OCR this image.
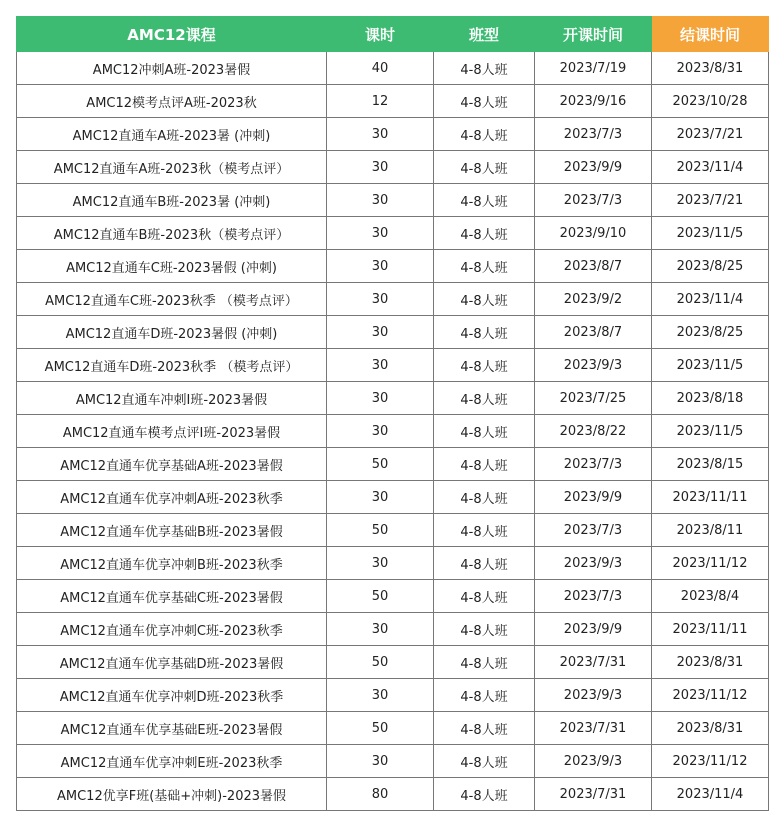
AMC12课程	课时	班型	开课时间	结课时间
AMC12冲刺A班-2023暑假	40	4-8人班	2023/7/19	2023/8/31
AMC12模考点评A班-2023秋	12	4-8人班	2023/9/16	2023/10/28
AMC12直通车A班-2023暑 (冲刺)	30	4-8人班	2023/7/3	2023/7/21
AMC12直通车A班-2023秋（模考点评）	30	4-8人班	2023/9/9	2023/11/4
AMC12直通车B班-2023暑 (冲刺)	30	4-8人班	2023/7/3	2023/7/21
AMC12直通车B班-2023秋（模考点评）	30	4-8人班	2023/9/10	2023/11/5
AMC12直通车C班-2023暑假 (冲刺)	30	4-8人班	2023/8/7	2023/8/25
AMC12直通车C班-2023秋季 （模考点评）	30	4-8人班	2023/9/2	2023/11/4
AMC12直通车D班-2023暑假 (冲刺)	30	4-8人班	2023/8/7	2023/8/25
AMC12直通车D班-2023秋季 （模考点评）	30	4-8人班	2023/9/3	2023/11/5
AMC12直通车冲刺I班-2023暑假	30	4-8人班	2023/7/25	2023/8/18
AMC12直通车模考点评I班-2023暑假	30	4-8人班	2023/8/22	2023/11/5
AMC12直通车优享基础A班-2023暑假	50	4-8人班	2023/7/3	2023/8/15
AMC12直通车优享冲刺A班-2023秋季	30	4-8人班	2023/9/9	2023/11/11
AMC12直通车优享基础B班-2023暑假	50	4-8人班	2023/7/3	2023/8/11
AMC12直通车优享冲刺B班-2023秋季	30	4-8人班	2023/9/3	2023/11/12
AMC12直通车优享基础C班-2023暑假	50	4-8人班	2023/7/3	2023/8/4
AMC12直通车优享冲刺C班-2023秋季	30	4-8人班	2023/9/9	2023/11/11
AMC12直通车优享基础D班-2023暑假	50	4-8人班	2023/7/31	2023/8/31
AMC12直通车优享冲刺D班-2023秋季	30	4-8人班	2023/9/3	2023/11/12
AMC12直通车优享基础E班-2023暑假	50	4-8人班	2023/7/31	2023/8/31
AMC12直通车优享冲刺E班-2023秋季	30	4-8人班	2023/9/3	2023/11/12
AMC12优享F班(基础+冲刺)-2023暑假	80	4-8人班	2023/7/31	2023/11/4
